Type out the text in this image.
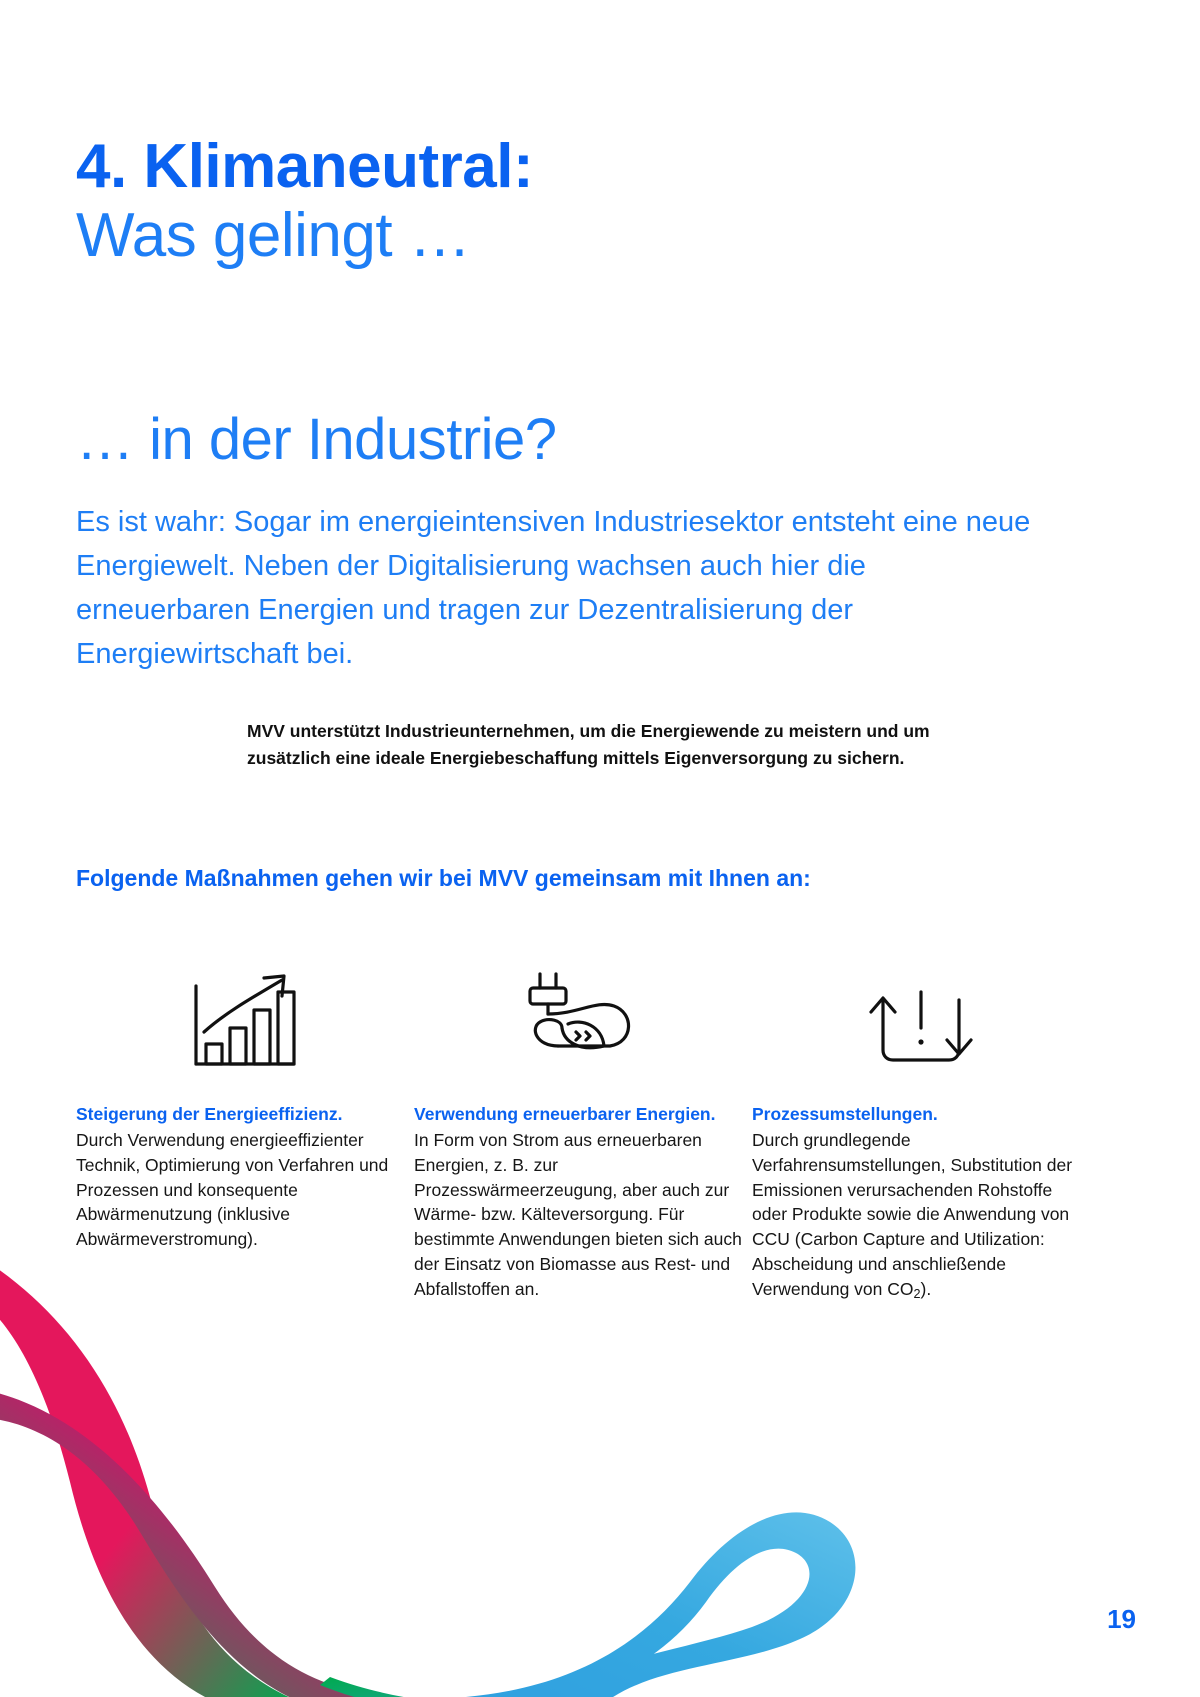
4. Klimaneutral:
Was gelingt …
… in der Industrie?
Es ist wahr: Sogar im energieintensiven Industriesektor entsteht eine neue Energiewelt. Neben der Digitalisierung wachsen auch hier die erneuerbaren Energien und tragen zur Dezentralisierung der Energiewirtschaft bei.
MVV unterstützt Industrieunternehmen, um die Energiewende zu meistern und um zusätzlich eine ideale Energiebeschaffung mittels Eigenversorgung zu sichern.
Folgende Maßnahmen gehen wir bei MVV gemeinsam mit Ihnen an:
Steigerung der Energieeffizienz.
Durch Verwendung energieeffizienter Technik, Optimierung von Verfahren und Prozessen und konsequente Abwärmenutzung (inklusive Abwärmeverstromung).
Verwendung erneuerbarer Energien.
In Form von Strom aus erneuerbaren Energien, z. B. zur Prozesswärmeerzeugung, aber auch zur Wärme- bzw. Kälteversorgung. Für bestimmte Anwendungen bieten sich auch der Einsatz von Biomasse aus Rest- und Abfallstoffen an.
Prozessumstellungen.
Durch grundlegende Verfahrensumstellungen, Substitution der Emissionen verursachenden Rohstoffe oder Produkte sowie die Anwendung von CCU (Carbon Capture and Utilization: Abscheidung und anschließende Verwendung von $CO_2$).
19
